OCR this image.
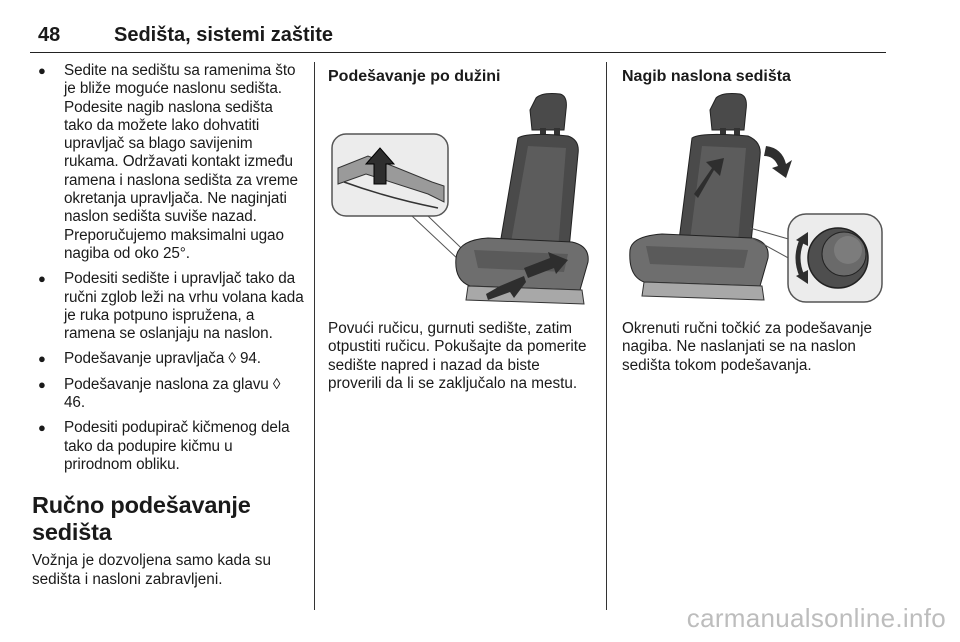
48	Sedišta, sistemi zaštite
● Sedite na sedištu sa ramenima što je bliže moguće naslonu sedišta. Podesite nagib naslona sedišta tako da možete lako dohvatiti upravljač sa blago savijenim rukama. Održavati kontakt između ramena i naslona sedišta za vreme okretanja upravljača. Ne naginjati naslon sedišta suviše nazad. Preporučujemo maksimalni ugao nagiba od oko 25°.
● Podesiti sedište i upravljač tako da ručni zglob leži na vrhu volana kada je ruka potpuno ispružena, a ramena se oslanjaju na naslon.
● Podešavanje upravljača ◊ 94.
● Podešavanje naslona za glavu ◊ 46.
● Podesiti podupirač kičmenog dela tako da podupire kičmu u prirodnom obliku.
Ručno podešavanje sedišta

Vožnja je dozvoljena samo kada su sedišta i nasloni zabravljeni.

Podešavanje po dužini

Povući ručicu, gurnuti sedište, zatim otpustiti ručicu. Pokušajte da pomerite sedište napred i nazad da biste proverili da li se zaključalo na mestu.

Nagib naslona sedišta

Okrenuti ručni točkić za podešavanje nagiba. Ne naslanjati se na naslon sedišta tokom podešavanja.

carmanualsonline.info
